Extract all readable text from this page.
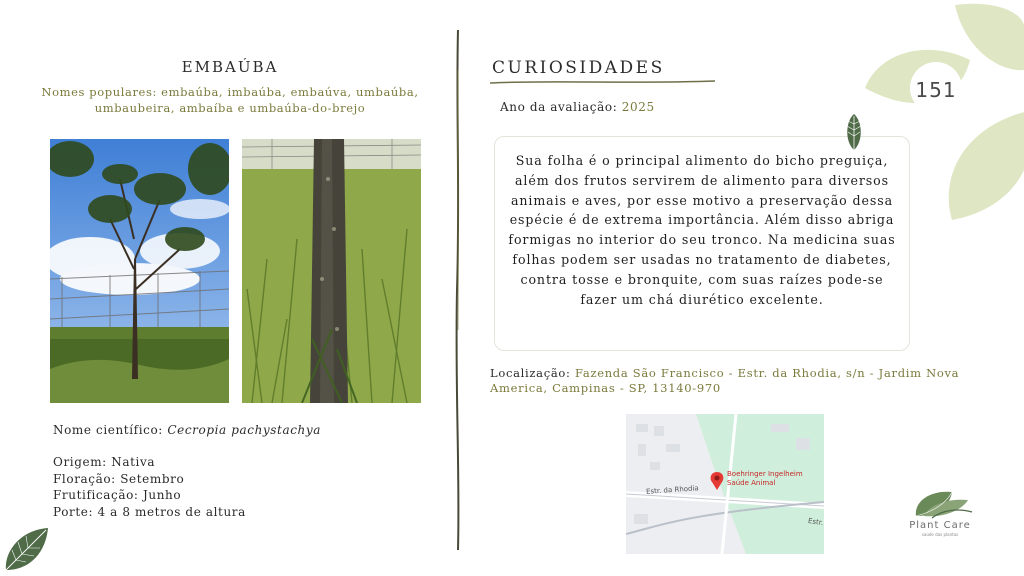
EMBAÚBA
Nomes populares: embaúba, imbaúba, embaúva, umbaúba, umbaubeira, ambaíba e umbaúba-do-brejo
Nome científico: Cecropia pachystachya
Origem: Nativa
Floração: Setembro
Frutificação: Junho
Porte: 4 a 8 metros de altura
CURIOSIDADES
Ano da avaliação: 2025
Sua folha é o principal alimento do bicho preguiça, além dos frutos servirem de alimento para diversos animais e aves, por esse motivo a preservação dessa espécie é de extrema importância. Além disso abriga formigas no interior do seu tronco. Na medicina suas folhas podem ser usadas no tratamento de diabetes, contra tosse e bronquite, com suas raízes pode-se fazer um chá diurético excelente.
Localização: Fazenda São Francisco - Estr. da Rhodia, s/n - Jardim Nova America, Campinas - SP, 13140-970
Boehringer Ingelheim
Saúde Animal
Estr. da Rhodia
Estr.
151
Plant Care
saúde das plantas
